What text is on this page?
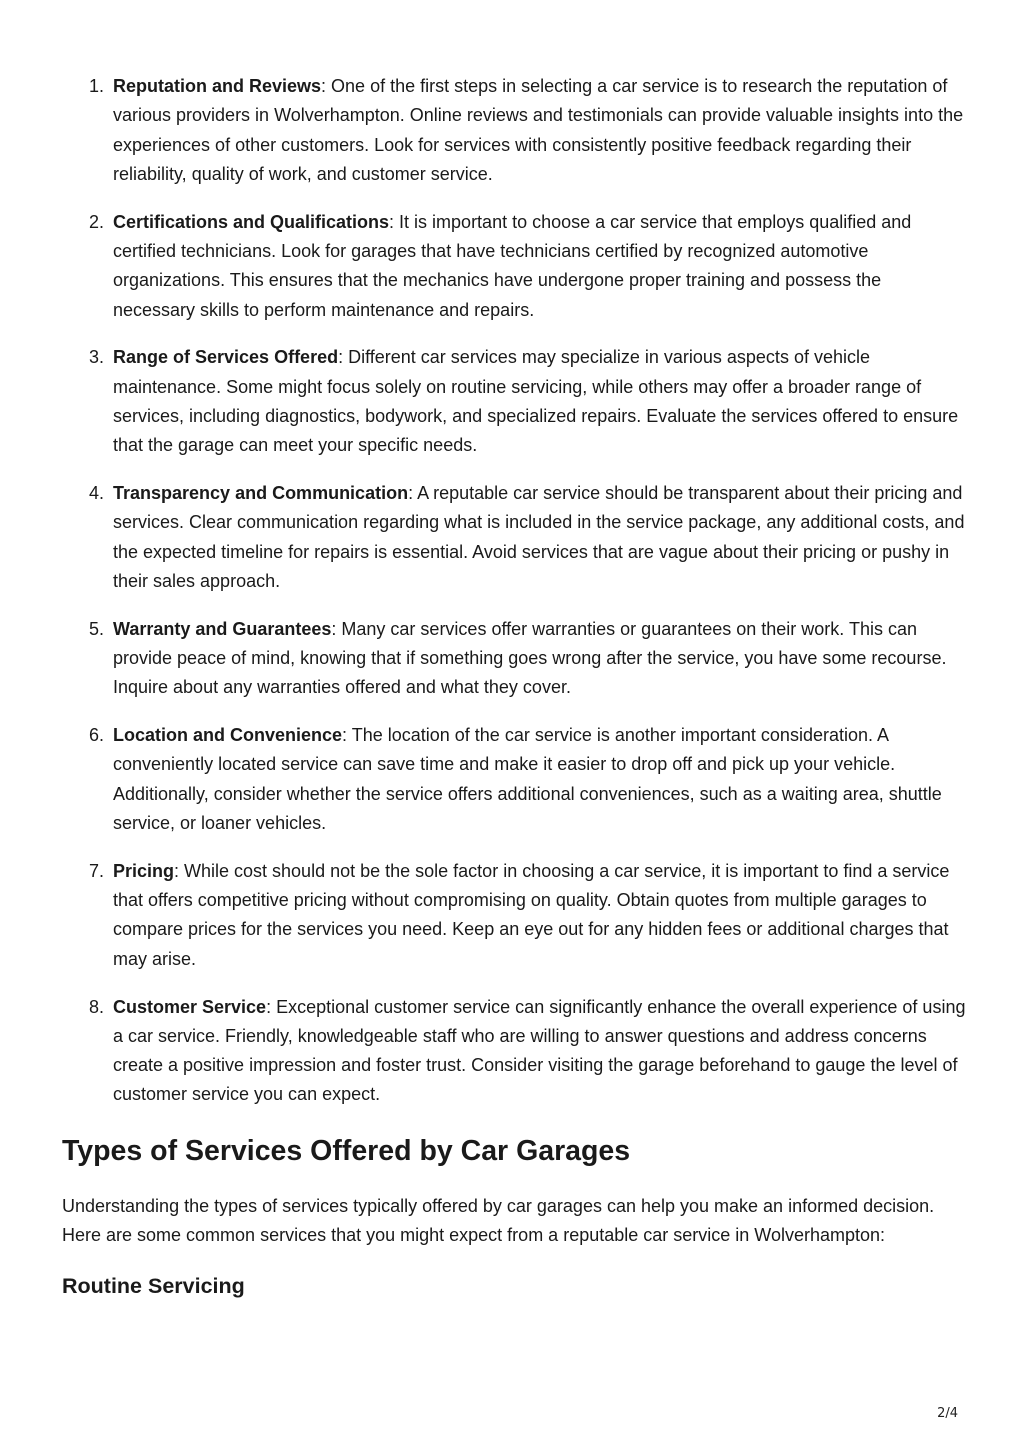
1. Reputation and Reviews: One of the first steps in selecting a car service is to research the reputation of various providers in Wolverhampton. Online reviews and testimonials can provide valuable insights into the experiences of other customers. Look for services with consistently positive feedback regarding their reliability, quality of work, and customer service.
2. Certifications and Qualifications: It is important to choose a car service that employs qualified and certified technicians. Look for garages that have technicians certified by recognized automotive organizations. This ensures that the mechanics have undergone proper training and possess the necessary skills to perform maintenance and repairs.
3. Range of Services Offered: Different car services may specialize in various aspects of vehicle maintenance. Some might focus solely on routine servicing, while others may offer a broader range of services, including diagnostics, bodywork, and specialized repairs. Evaluate the services offered to ensure that the garage can meet your specific needs.
4. Transparency and Communication: A reputable car service should be transparent about their pricing and services. Clear communication regarding what is included in the service package, any additional costs, and the expected timeline for repairs is essential. Avoid services that are vague about their pricing or pushy in their sales approach.
5. Warranty and Guarantees: Many car services offer warranties or guarantees on their work. This can provide peace of mind, knowing that if something goes wrong after the service, you have some recourse. Inquire about any warranties offered and what they cover.
6. Location and Convenience: The location of the car service is another important consideration. A conveniently located service can save time and make it easier to drop off and pick up your vehicle. Additionally, consider whether the service offers additional conveniences, such as a waiting area, shuttle service, or loaner vehicles.
7. Pricing: While cost should not be the sole factor in choosing a car service, it is important to find a service that offers competitive pricing without compromising on quality. Obtain quotes from multiple garages to compare prices for the services you need. Keep an eye out for any hidden fees or additional charges that may arise.
8. Customer Service: Exceptional customer service can significantly enhance the overall experience of using a car service. Friendly, knowledgeable staff who are willing to answer questions and address concerns create a positive impression and foster trust. Consider visiting the garage beforehand to gauge the level of customer service you can expect.
Types of Services Offered by Car Garages

Understanding the types of services typically offered by car garages can help you make an informed decision. Here are some common services that you might expect from a reputable car service in Wolverhampton:

Routine Servicing
2/4
